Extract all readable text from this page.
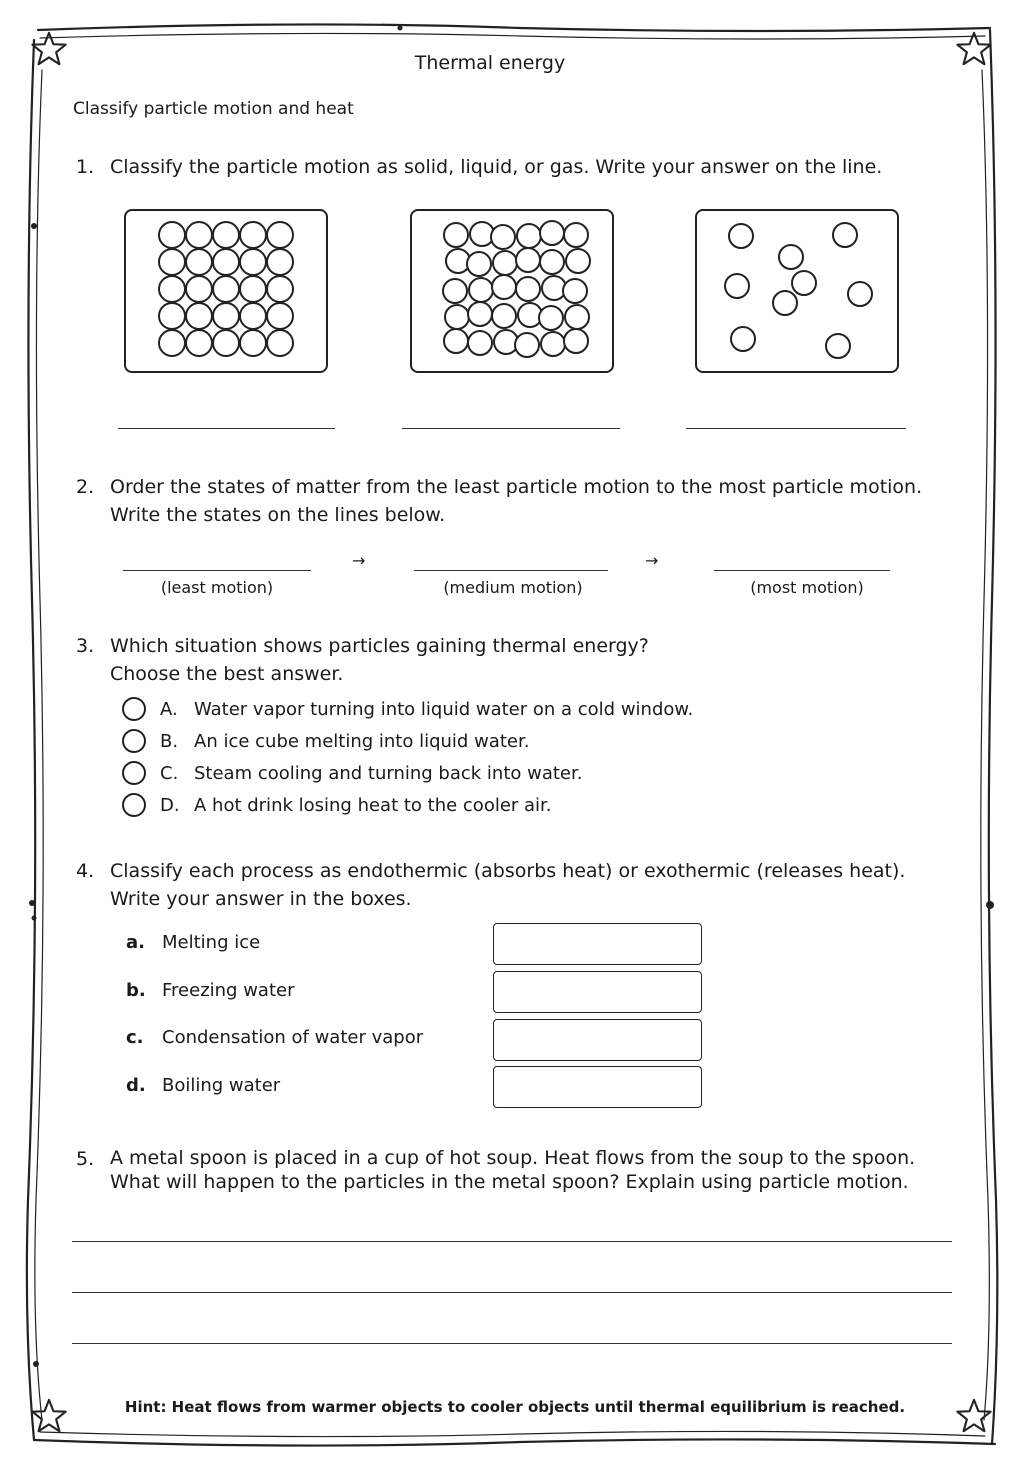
Thermal energy
Classify particle motion and heat
1. Classify the particle motion as solid, liquid, or gas. Write your answer on the line.
2. Order the states of matter from the least particle motion to the most particle motion.
Write the states on the lines below.
→	→
(least motion)	(medium motion)	(most motion)
3. Which situation shows particles gaining thermal energy?
Choose the best answer.
A. Water vapor turning into liquid water on a cold window.
B. An ice cube melting into liquid water.
C. Steam cooling and turning back into water.
D. A hot drink losing heat to the cooler air.
4. Classify each process as endothermic (absorbs heat) or exothermic (releases heat).
Write your answer in the boxes.
a. Melting ice
b. Freezing water
c. Condensation of water vapor
d. Boiling water
5. A metal spoon is placed in a cup of hot soup. Heat flows from the soup to the spoon.
What will happen to the particles in the metal spoon? Explain using particle motion.
Hint: Heat flows from warmer objects to cooler objects until thermal equilibrium is reached.
